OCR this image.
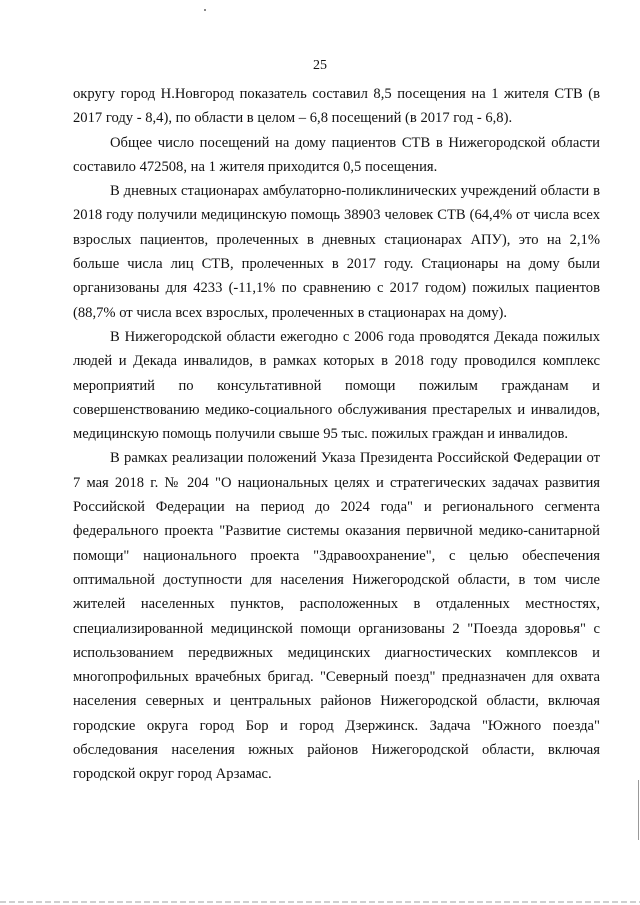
25

округу город Н.Новгород показатель составил 8,5 посещения на 1 жителя СТВ (в 2017 году - 8,4), по области в целом – 6,8 посещений (в 2017 год - 6,8).

Общее число посещений на дому пациентов СТВ в Нижегородской области составило 472508, на 1 жителя приходится 0,5 посещения.

В дневных стационарах амбулаторно-поликлинических учреждений области в 2018 году получили медицинскую помощь 38903 человек СТВ (64,4% от числа всех взрослых пациентов, пролеченных в дневных стационарах АПУ), это на 2,1% больше числа лиц СТВ, пролеченных в 2017 году. Стационары на дому были организованы для 4233 (-11,1% по сравнению с 2017 годом) пожилых пациентов (88,7% от числа всех взрослых, пролеченных в стационарах на дому).

В Нижегородской области ежегодно с 2006 года проводятся Декада пожилых людей и Декада инвалидов, в рамках которых в 2018 году проводился комплекс мероприятий по консультативной помощи пожилым гражданам и совершенствованию медико-социального обслуживания престарелых и инвалидов, медицинскую помощь получили свыше 95 тыс. пожилых граждан и инвалидов.

В рамках реализации положений Указа Президента Российской Федерации от 7 мая 2018 г. № 204 "О национальных целях и стратегических задачах развития Российской Федерации на период до 2024 года" и регионального сегмента федерального проекта "Развитие системы оказания первичной медико-санитарной помощи" национального проекта "Здравоохранение", с целью обеспечения оптимальной доступности для населения Нижегородской области, в том числе жителей населенных пунктов, расположенных в отдаленных местностях, специализированной медицинской помощи организованы 2 "Поезда здоровья" с использованием передвижных медицинских диагностических комплексов и многопрофильных врачебных бригад. "Северный поезд" предназначен для охвата населения северных и центральных районов Нижегородской области, включая городские округа город Бор и город Дзержинск. Задача "Южного поезда" обследования населения южных районов Нижегородской области, включая городской округ город Арзамас.
